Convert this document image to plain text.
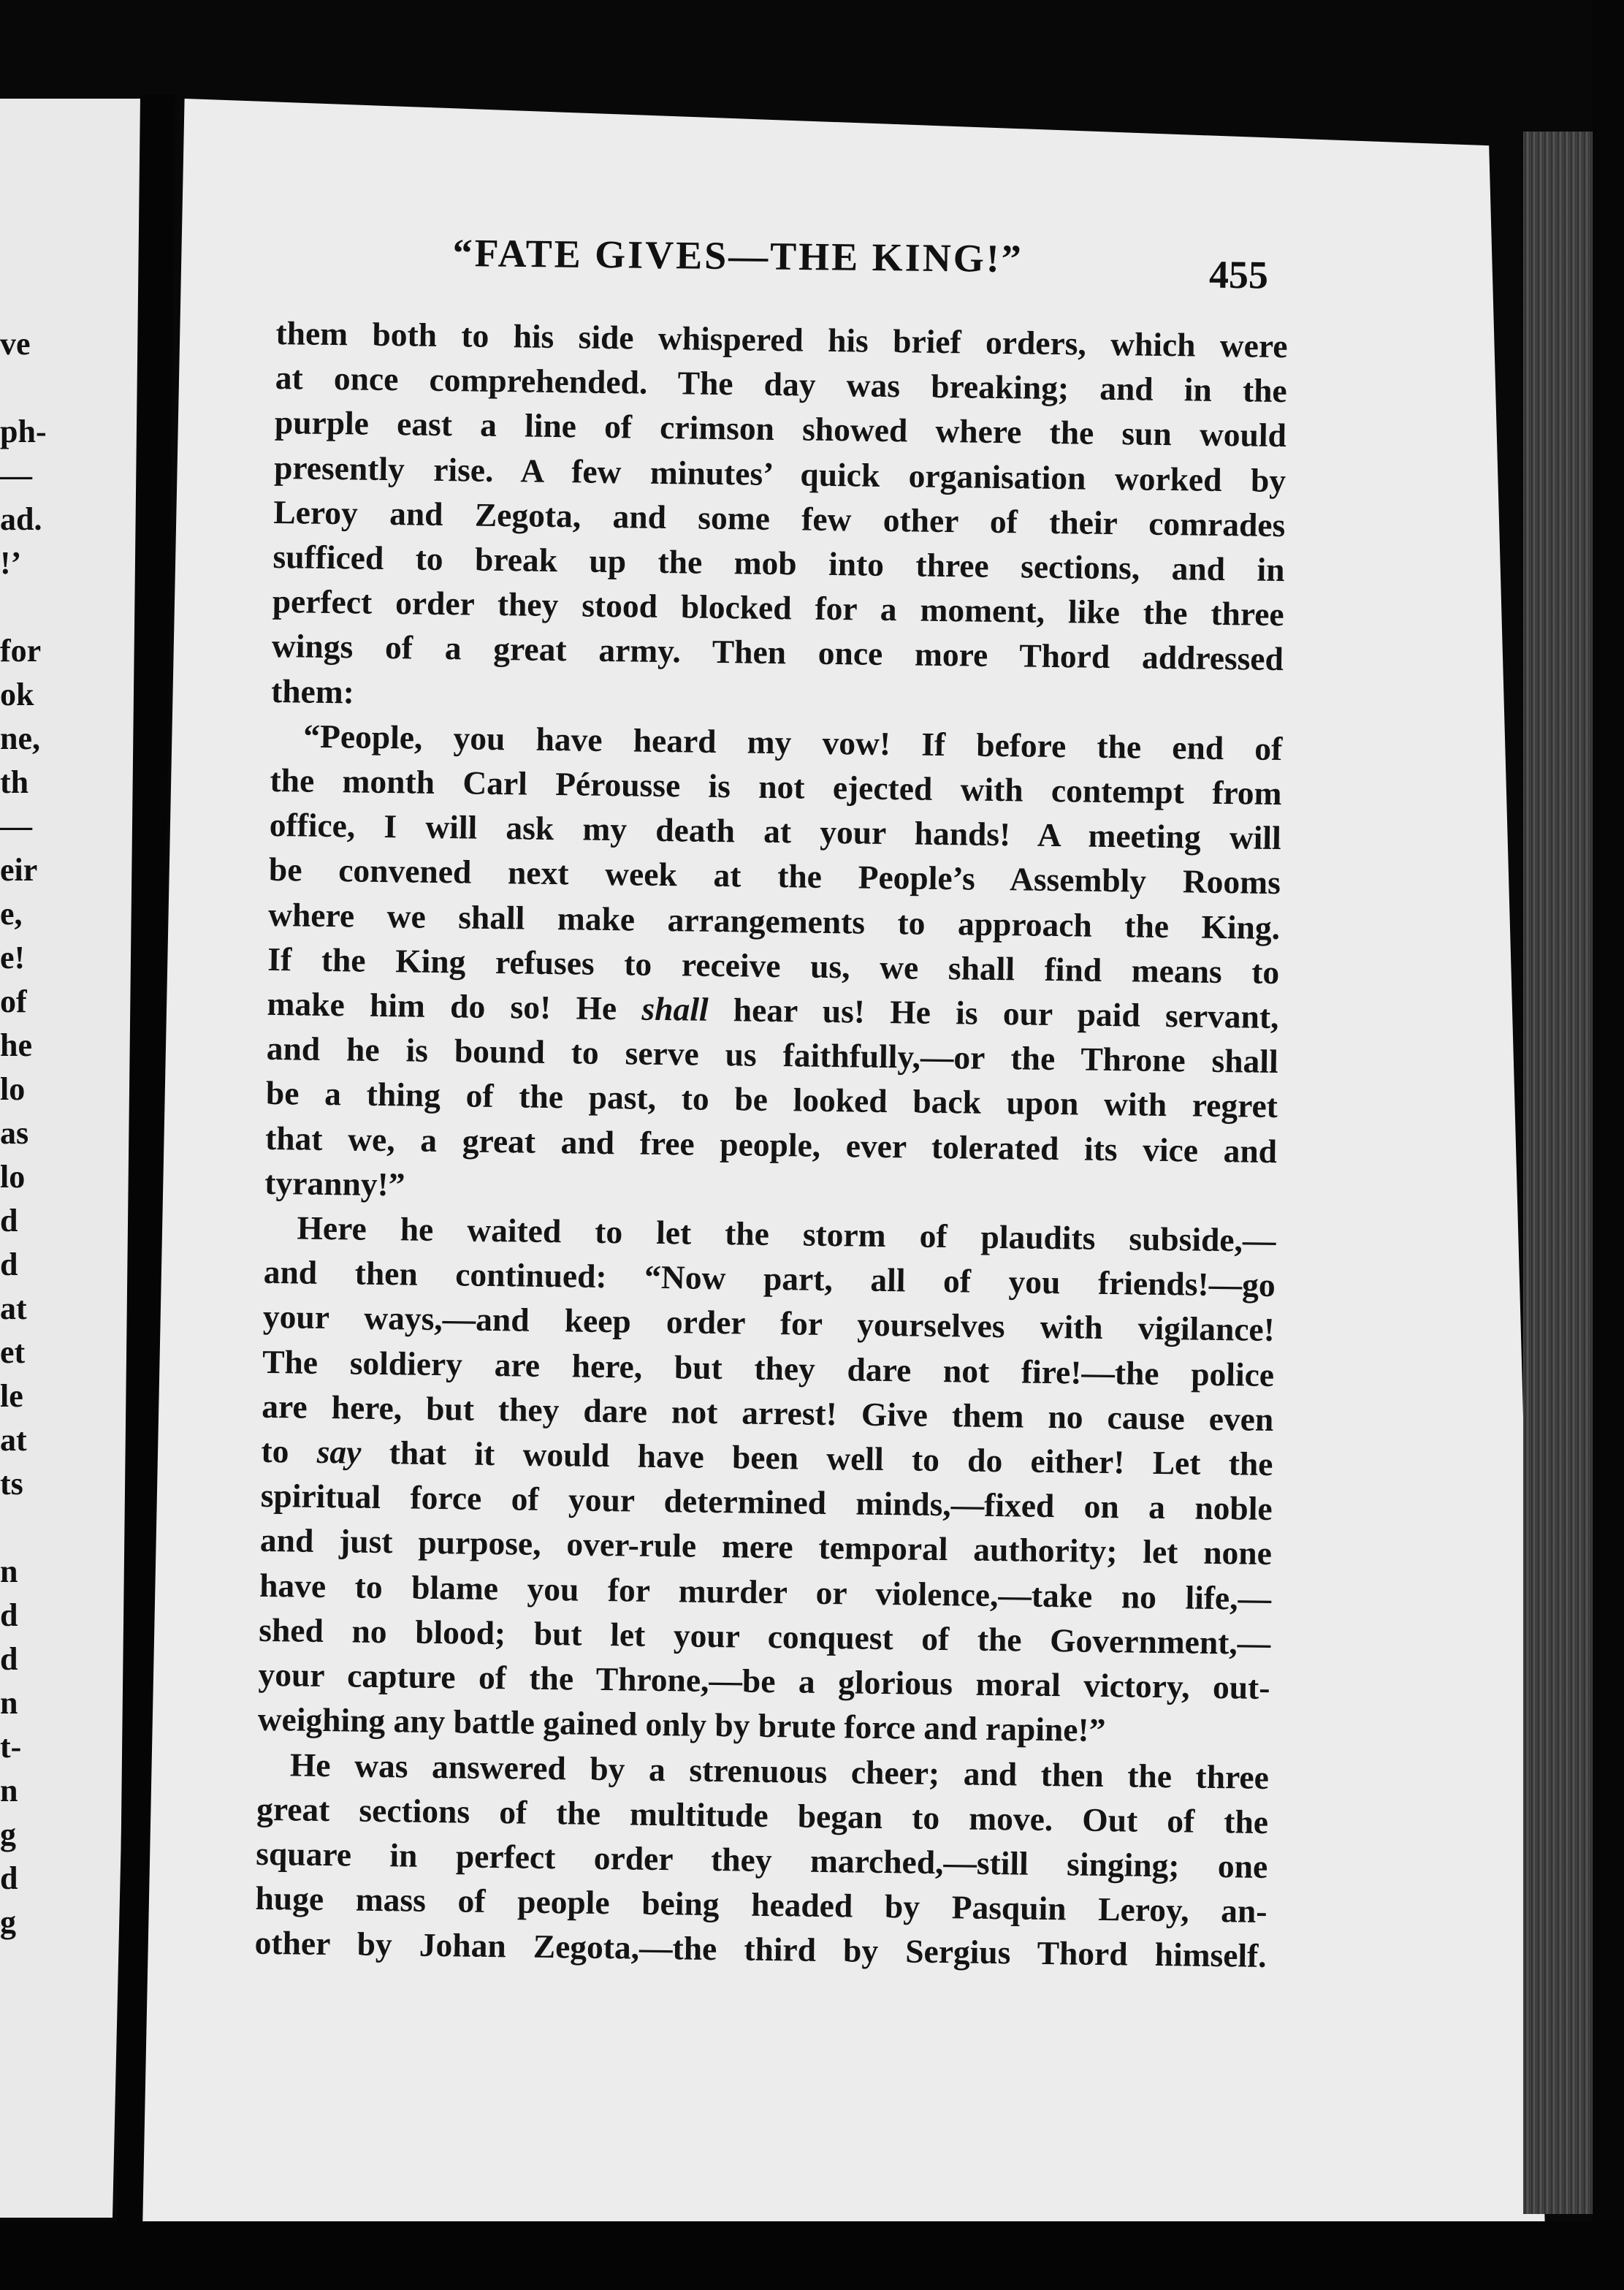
ve
ph-
—
ad.
!’
for
ok
ne,
th
—
eir
e,
e!
of
he
lo
as
lo
d
d
at
et
le
at
ts
n
d
d
n
t-
n
g
d
g
“FATE GIVES—THE KING!”	455

them both to his side whispered his brief orders, which were

at once comprehended. The day was breaking; and in the

purple east a line of crimson showed where the sun would

presently rise. A few minutes’ quick organisation worked by

Leroy and Zegota, and some few other of their comrades

sufficed to break up the mob into three sections, and in

perfect order they stood blocked for a moment, like the three

wings of a great army. Then once more Thord addressed

them:

“People, you have heard my vow! If before the end of

the month Carl Pérousse is not ejected with contempt from

office, I will ask my death at your hands! A meeting will

be convened next week at the People’s Assembly Rooms

where we shall make arrangements to approach the King.

If the King refuses to receive us, we shall find means to

make him do so! He shall hear us! He is our paid servant,

and he is bound to serve us faithfully,—or the Throne shall

be a thing of the past, to be looked back upon with regret

that we, a great and free people, ever tolerated its vice and

tyranny!”

Here he waited to let the storm of plaudits subside,—

and then continued: “Now part, all of you friends!—go

your ways,—and keep order for yourselves with vigilance!

The soldiery are here, but they dare not fire!—the police

are here, but they dare not arrest! Give them no cause even

to say that it would have been well to do either! Let the

spiritual force of your determined minds,—fixed on a noble

and just purpose, over-rule mere temporal authority; let none

have to blame you for murder or violence,—take no life,—

shed no blood; but let your conquest of the Government,—

your capture of the Throne,—be a glorious moral victory, out-

weighing any battle gained only by brute force and rapine!”

He was answered by a strenuous cheer; and then the three

great sections of the multitude began to move. Out of the

square in perfect order they marched,—still singing; one

huge mass of people being headed by Pasquin Leroy, an-

other by Johan Zegota,—the third by Sergius Thord himself.
